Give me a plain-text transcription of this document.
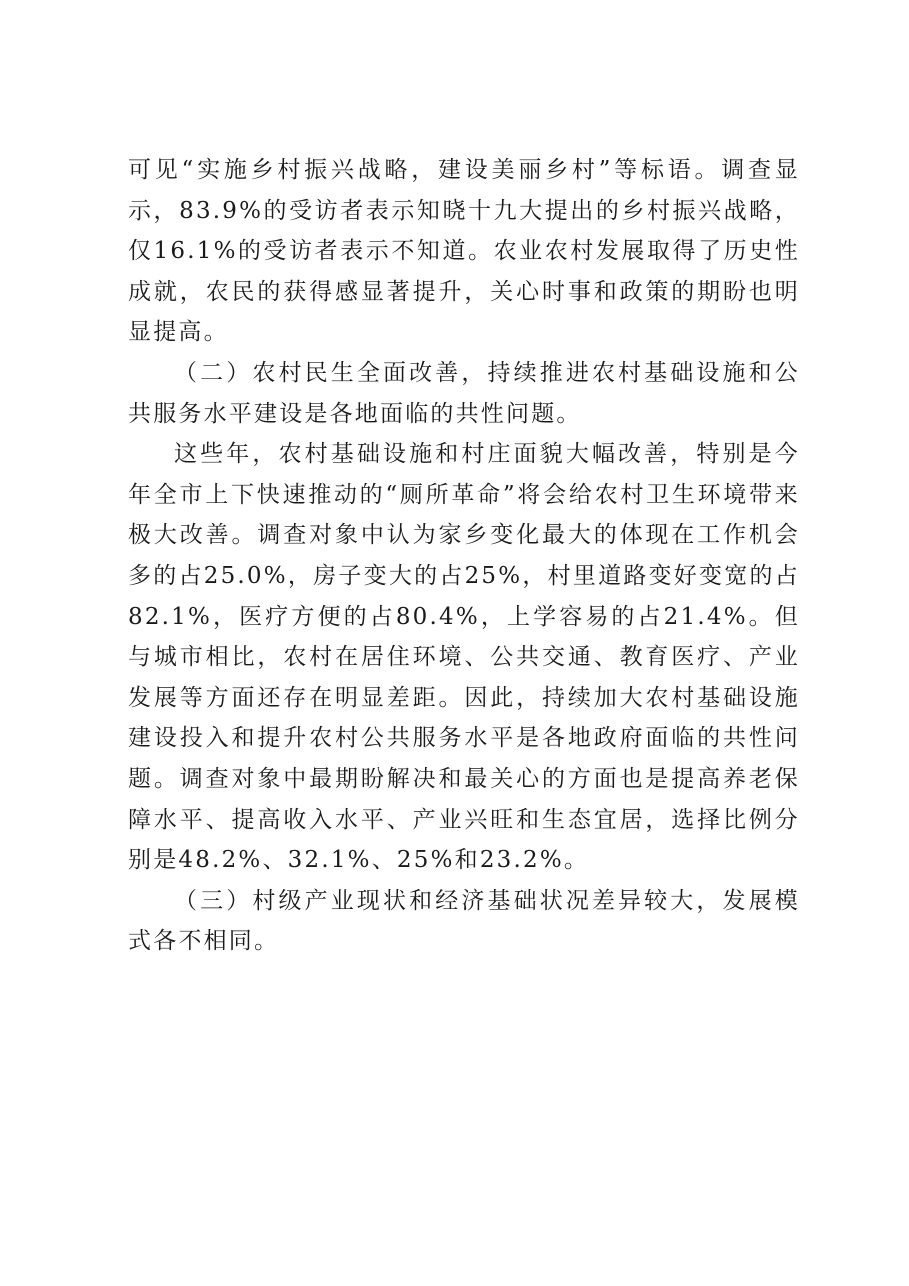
可见“实施乡村振兴战略，建设美丽乡村”等标语。调查显示，83.9%的受访者表示知晓十九大提出的乡村振兴战略，仅16.1%的受访者表示不知道。农业农村发展取得了历史性成就，农民的获得感显著提升，关心时事和政策的期盼也明显提高。

（二）农村民生全面改善，持续推进农村基础设施和公共服务水平建设是各地面临的共性问题。

这些年，农村基础设施和村庄面貌大幅改善，特别是今年全市上下快速推动的“厕所革命”将会给农村卫生环境带来极大改善。调查对象中认为家乡变化最大的体现在工作机会多的占25.0%，房子变大的占25%，村里道路变好变宽的占82.1%，医疗方便的占80.4%，上学容易的占21.4%。但与城市相比，农村在居住环境、公共交通、教育医疗、产业发展等方面还存在明显差距。因此，持续加大农村基础设施建设投入和提升农村公共服务水平是各地政府面临的共性问题。调查对象中最期盼解决和最关心的方面也是提高养老保障水平、提高收入水平、产业兴旺和生态宜居，选择比例分别是48.2%、32.1%、25%和23.2%。

（三）村级产业现状和经济基础状况差异较大，发展模式各不相同。
